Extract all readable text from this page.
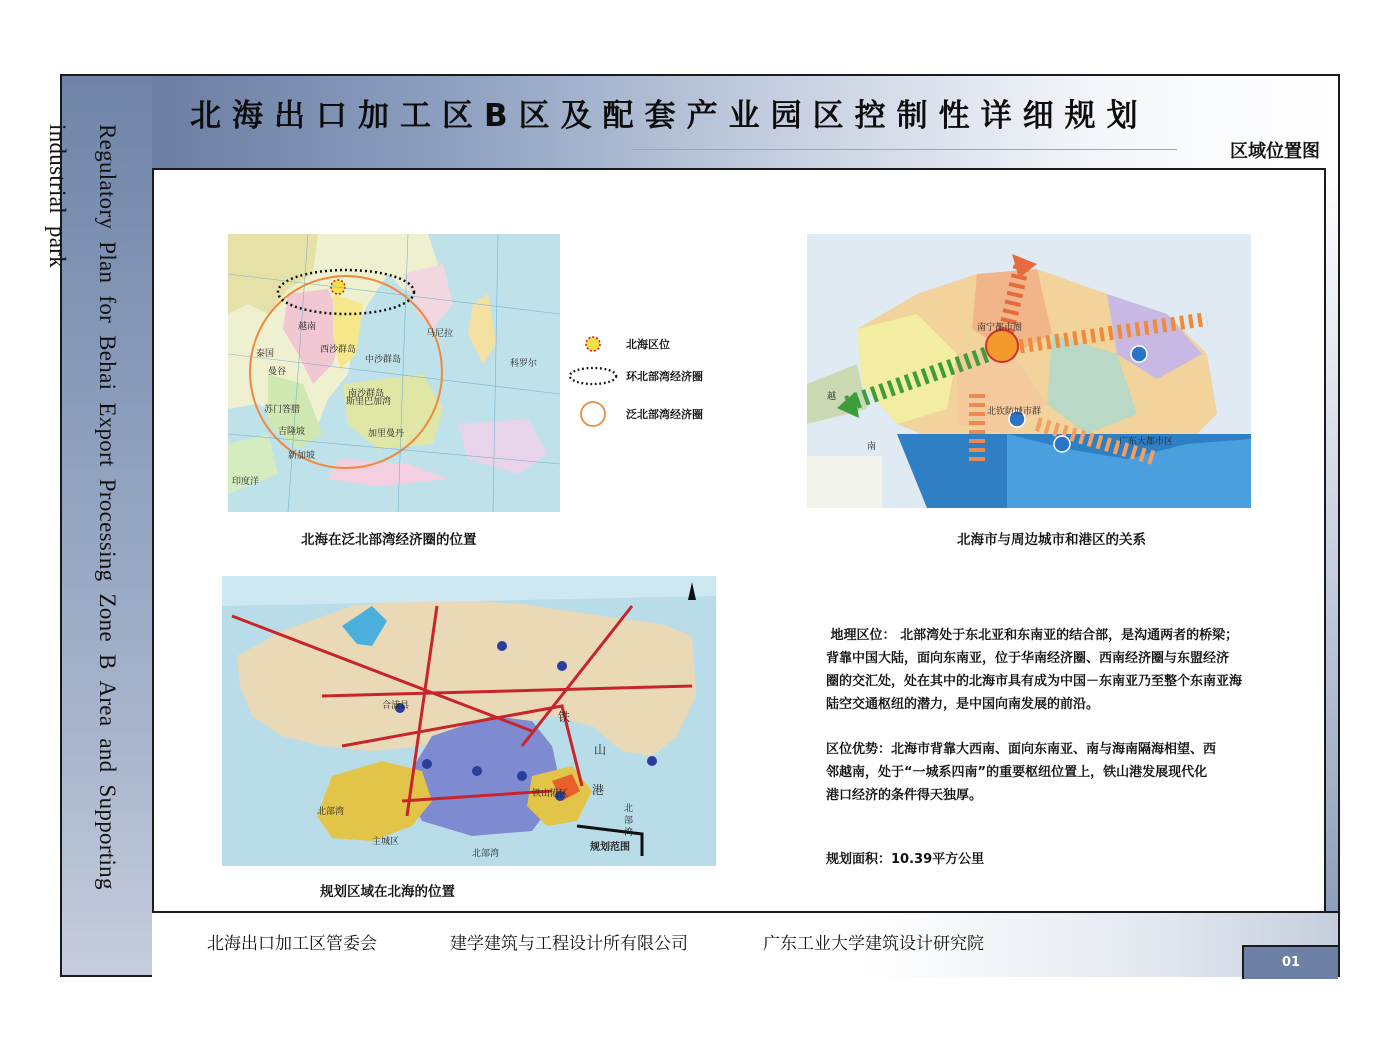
Regulatory Plan for Behai Export Processing Zone B Area and Supporting industrial park
北海出口加工区B区及配套产业园区控制性详细规划
区域位置图
北海出口加工区管委会	建学建筑与工程设计所有限公司	广东工业大学建筑设计研究院
01
中沙群岛
西沙群岛
南沙群岛
泰国
越南
曼谷
吉隆坡
新加坡
马尼拉
印度洋
苏门答腊
加里曼丹
斯里巴加湾
科罗尔
北海在泛北部湾经济圈的位置
北海区位
环北部湾经济圈
泛北部湾经济圈
越
南
南宁都市圈
北钦防城市群
广东大都市区
北海市与周边城市和港区的关系
合浦县
北部湾
铁
山
港
北
部
湾
主城区
铁山港区
规划范围
北部湾
规划区域在北海的位置
地理区位： 北部湾处于东北亚和东南亚的结合部，是沟通两者的桥梁；
背靠中国大陆，面向东南亚，位于华南经济圈、西南经济圈与东盟经济
圈的交汇处，处在其中的北海市具有成为中国－东南亚乃至整个东南亚海
陆空交通枢纽的潜力，是中国向南发展的前沿。
区位优势：北海市背靠大西南、面向东南亚、南与海南隔海相望、西
邻越南，处于“一城系四南”的重要枢纽位置上，铁山港发展现代化
港口经济的条件得天独厚。
规划面积：10.39平方公里
